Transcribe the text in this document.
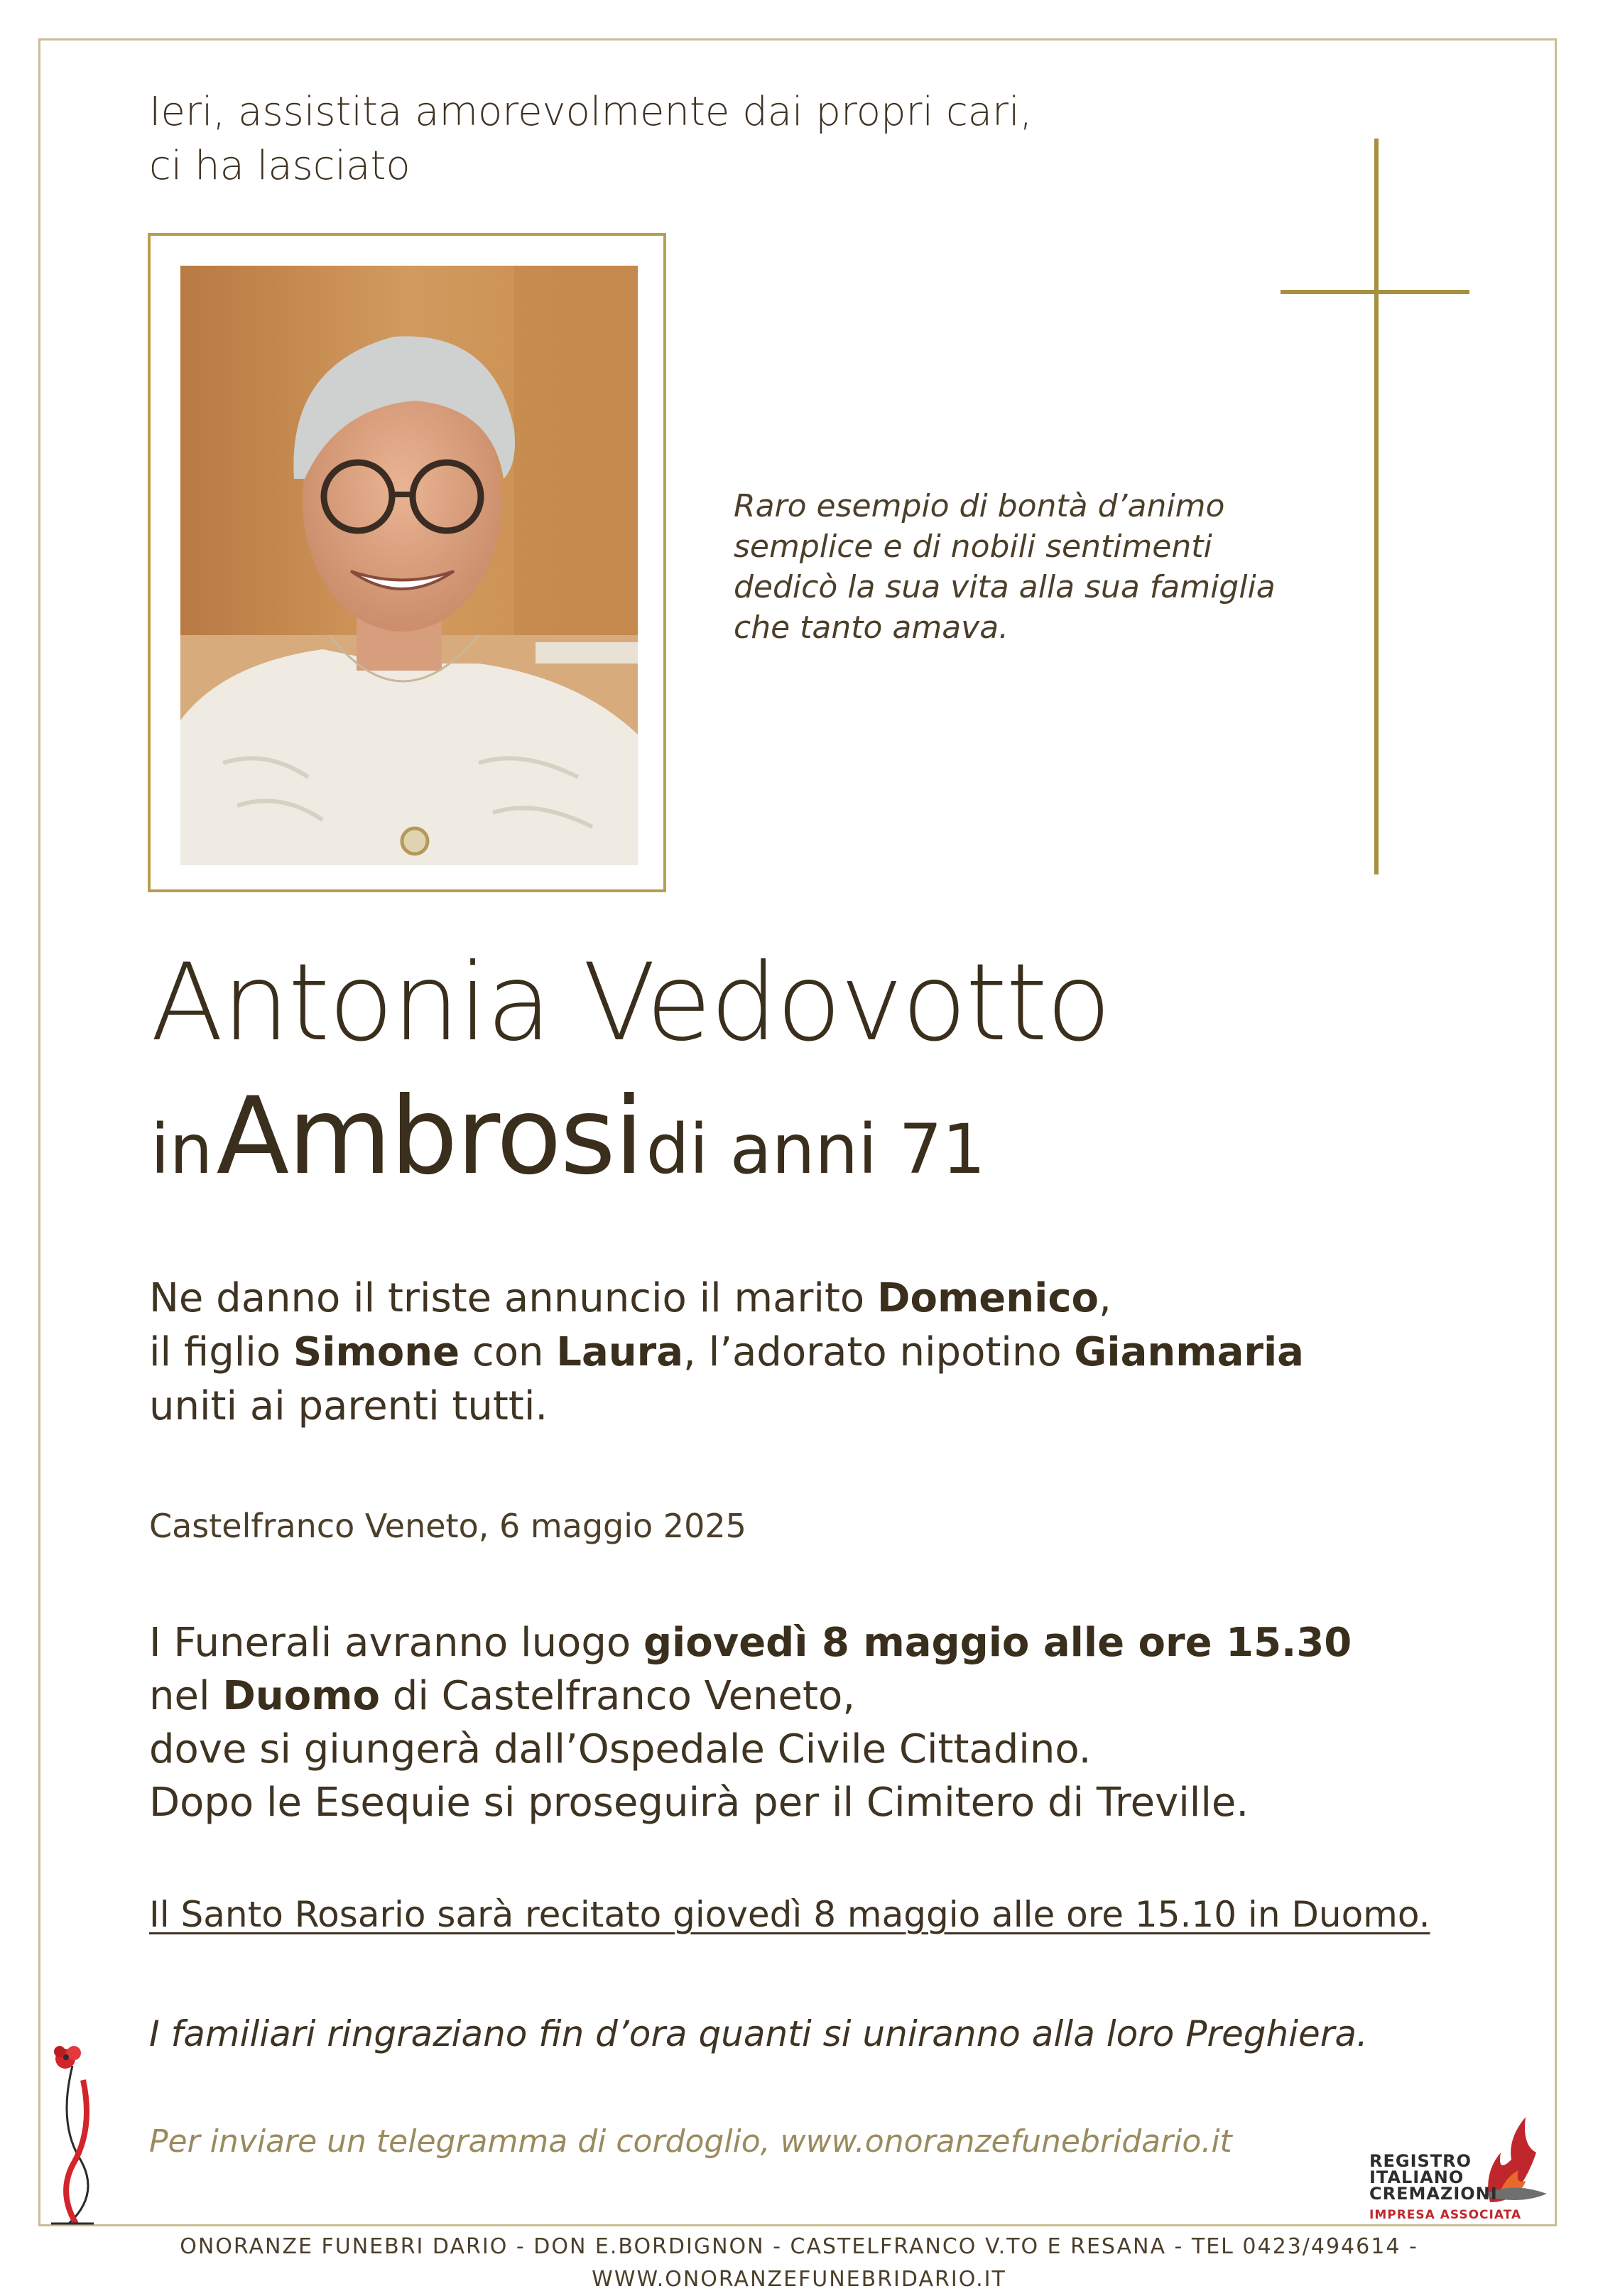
Ieri, assistita amorevolmente dai propri cari,
ci ha lasciato
Raro esempio di bontà d’animo
semplice e di nobili sentimenti
dedicò la sua vita alla sua famiglia
che tanto amava.
Antonia Vedovotto
in Ambrosi di anni 71
Ne danno il triste annuncio il marito Domenico,
il figlio Simone con Laura, l’adorato nipotino Gianmaria
uniti ai parenti tutti.
Castelfranco Veneto, 6 maggio 2025
I Funerali avranno luogo giovedì 8 maggio alle ore 15.30
nel Duomo di Castelfranco Veneto,
dove si giungerà dall’Ospedale Civile Cittadino.
Dopo le Esequie si proseguirà per il Cimitero di Treville.
Il Santo Rosario sarà recitato giovedì 8 maggio alle ore 15.10 in Duomo.
I familiari ringraziano fin d’ora quanti si uniranno alla loro Preghiera.
Per inviare un telegramma di cordoglio, www.onoranzefunebridario.it
REGISTRO
ITALIANO
CREMAZIONI
IMPRESA ASSOCIATA
ONORANZE FUNEBRI DARIO - DON E.BORDIGNON - CASTELFRANCO V.TO E RESANA - TEL 0423/494614 - WWW.ONORANZEFUNEBRIDARIO.IT
